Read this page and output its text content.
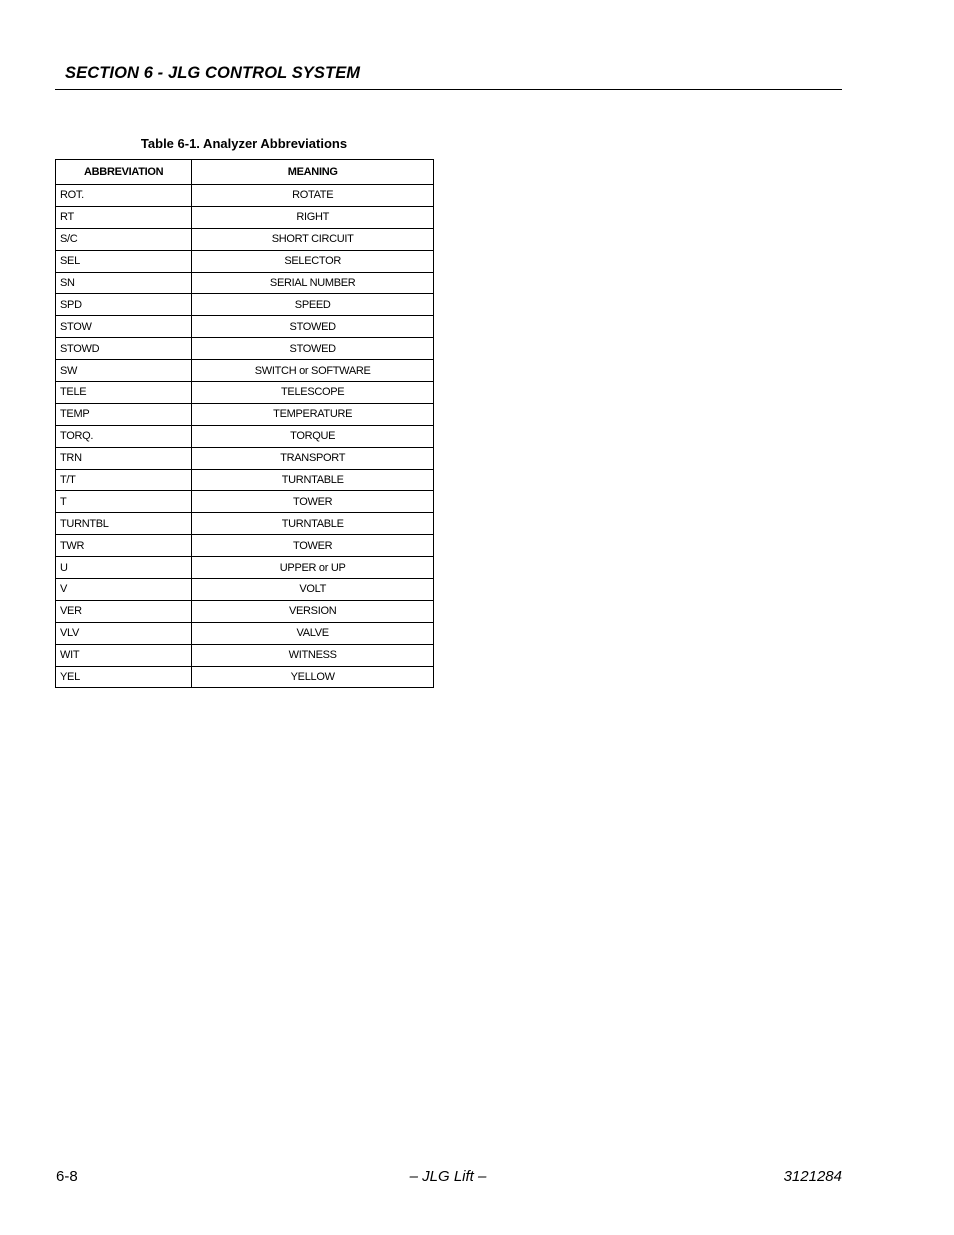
SECTION 6 - JLG CONTROL SYSTEM
Table 6-1. Analyzer Abbreviations
ABBREVIATION	MEANING
ROT.	ROTATE
RT	RIGHT
S/C	SHORT CIRCUIT
SEL	SELECTOR
SN	SERIAL NUMBER
SPD	SPEED
STOW	STOWED
STOWD	STOWED
SW	SWITCH or SOFTWARE
TELE	TELESCOPE
TEMP	TEMPERATURE
TORQ.	TORQUE
TRN	TRANSPORT
T/T	TURNTABLE
T	TOWER
TURNTBL	TURNTABLE
TWR	TOWER
U	UPPER or UP
V	VOLT
VER	VERSION
VLV	VALVE
WIT	WITNESS
YEL	YELLOW
6-8	– JLG Lift –	3121284
